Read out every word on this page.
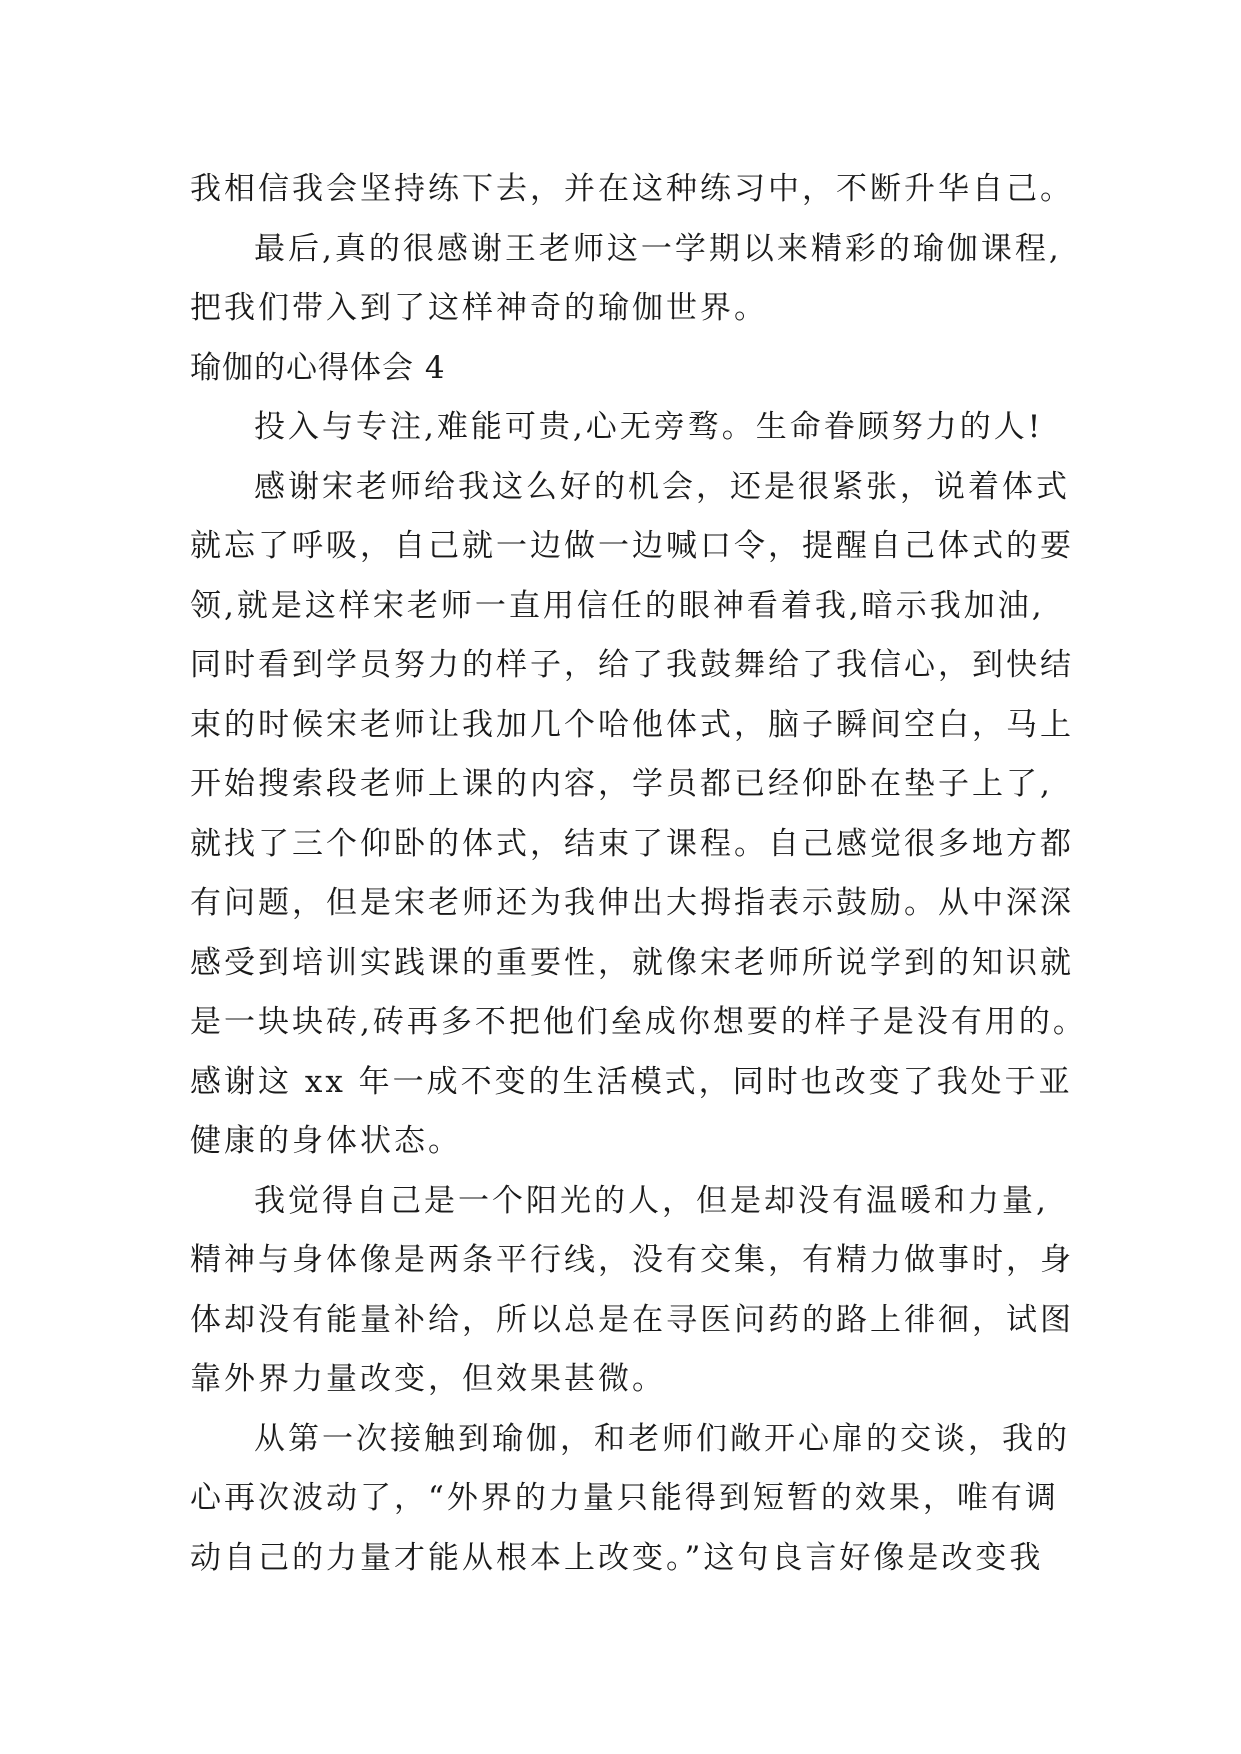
我相信我会坚持练下去，并在这种练习中，不断升华自己。
最后,真的很感谢王老师这一学期以来精彩的瑜伽课程,
把我们带入到了这样神奇的瑜伽世界。
瑜伽的心得体会 4
投入与专注,难能可贵,心无旁骛。生命眷顾努力的人!
感谢宋老师给我这么好的机会，还是很紧张，说着体式
就忘了呼吸，自己就一边做一边喊口令，提醒自己体式的要
领,就是这样宋老师一直用信任的眼神看着我,暗示我加油,
同时看到学员努力的样子，给了我鼓舞给了我信心，到快结
束的时候宋老师让我加几个哈他体式，脑子瞬间空白，马上
开始搜索段老师上课的内容，学员都已经仰卧在垫子上了,
就找了三个仰卧的体式，结束了课程。自己感觉很多地方都
有问题，但是宋老师还为我伸出大拇指表示鼓励。从中深深
感受到培训实践课的重要性，就像宋老师所说学到的知识就
是一块块砖,砖再多不把他们垒成你想要的样子是没有用的。
感谢这 xx 年一成不变的生活模式，同时也改变了我处于亚
健康的身体状态。
我觉得自己是一个阳光的人，但是却没有温暖和力量,
精神与身体像是两条平行线，没有交集，有精力做事时，身
体却没有能量补给，所以总是在寻医问药的路上徘徊，试图
靠外界力量改变，但效果甚微。
从第一次接触到瑜伽，和老师们敞开心扉的交谈，我的
心再次波动了，“外界的力量只能得到短暂的效果，唯有调
动自己的力量才能从根本上改变。”这句良言好像是改变我
